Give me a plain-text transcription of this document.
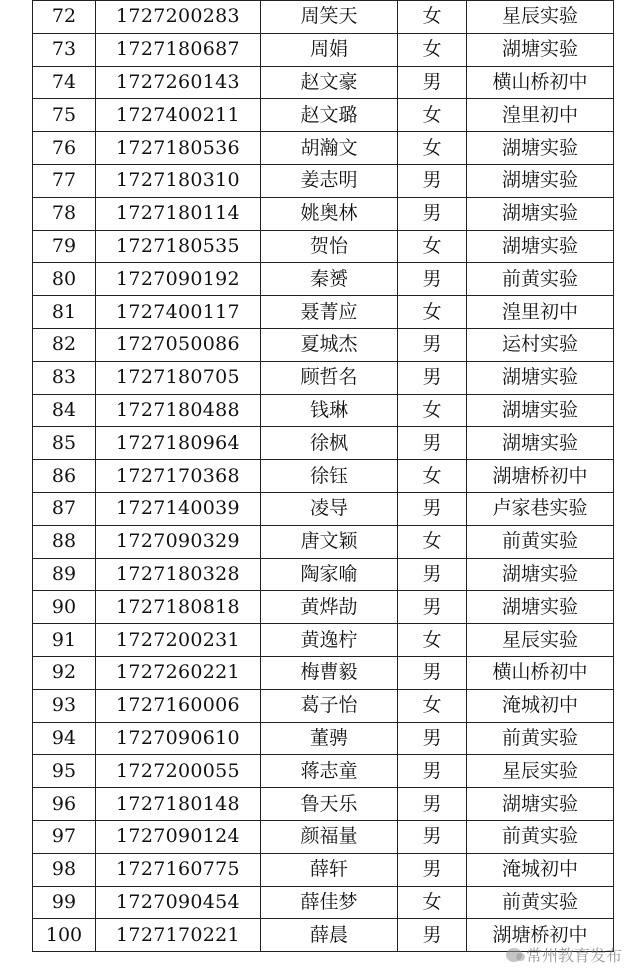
72	1727200283	周笑天	女	星辰实验
73	1727180687	周娟	女	湖塘实验
74	1727260143	赵文豪	男	横山桥初中
75	1727400211	赵文璐	女	湟里初中
76	1727180536	胡瀚文	女	湖塘实验
77	1727180310	姜志明	男	湖塘实验
78	1727180114	姚奥林	男	湖塘实验
79	1727180535	贺怡	女	湖塘实验
80	1727090192	秦赟	男	前黄实验
81	1727400117	聂菁应	女	湟里初中
82	1727050086	夏城杰	男	运村实验
83	1727180705	顾哲名	男	湖塘实验
84	1727180488	钱琳	女	湖塘实验
85	1727180964	徐枫	男	湖塘实验
86	1727170368	徐钰	女	湖塘桥初中
87	1727140039	凌导	男	卢家巷实验
88	1727090329	唐文颖	女	前黄实验
89	1727180328	陶家喻	男	湖塘实验
90	1727180818	黄烨劼	男	湖塘实验
91	1727200231	黄逸柠	女	星辰实验
92	1727260221	梅曹毅	男	横山桥初中
93	1727160006	葛子怡	女	淹城初中
94	1727090610	董骋	男	前黄实验
95	1727200055	蒋志童	男	星辰实验
96	1727180148	鲁天乐	男	湖塘实验
97	1727090124	颜福量	男	前黄实验
98	1727160775	薛轩	男	淹城初中
99	1727090454	薛佳梦	女	前黄实验
100	1727170221	薛晨	男	湖塘桥初中
常州教育发布
